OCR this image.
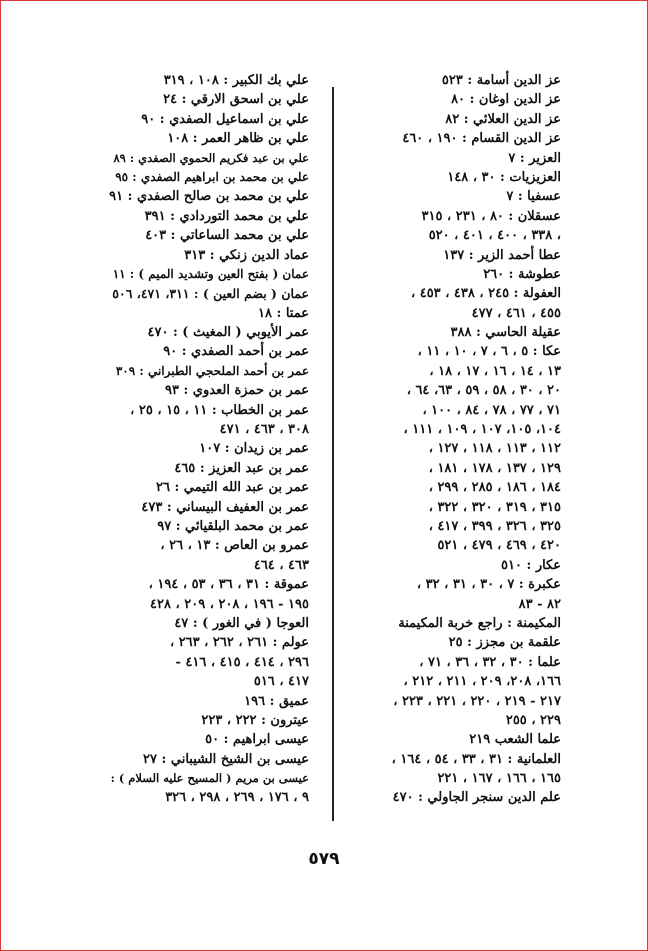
عز الدين أسامة : ٥٢٣
عز الدين اوغان : ٨٠
عز الدين العلائي : ٨٢
عز الدين القسام : ١٩٠ ، ٤٦٠
العزير : ٧
العزيزيات : ٣٠ ، ١٤٨
عسفيا : ٧
عسقلان : ٨٠ ، ٢٣١ ، ٣١٥
، ٣٣٨ ، ٤٠٠ ، ٤٠١ ، ٥٢٠
عطا أحمد الزير : ١٣٧
عطوشة : ٢٦٠
العفولة : ٢٤٥ ، ٤٣٨ ، ٤٥٣ ،
٤٥٥ ، ٤٦١ ، ٤٧٧
عقيلة الحاسي : ٣٨٨
عكا : ٥ ، ٦ ، ٧ ، ١٠ ، ١١ ،
١٣ ، ١٤ ، ١٦ ، ١٧ ، ١٨ ،
٢٠ ، ٣٠ ، ٥٨ ، ٥٩ ، ٦٣، ٦٤ ،
٧١ ، ٧٧ ، ٧٨ ، ٨٤ ، ١٠٠ ،
١٠٤، ١٠٥، ١٠٧ ، ١٠٩ ، ١١١ ،
١١٢ ، ١١٣ ، ١١٨ ، ١٢٧ ،
١٢٩ ، ١٣٧ ، ١٧٨ ، ١٨١ ،
١٨٤ ، ١٨٦ ، ٢٨٥ ، ٢٩٩ ،
٣١٥ ، ٣١٩ ، ٣٢٠ ، ٣٢٢ ،
٣٢٥ ، ٣٢٦ ، ٣٩٩ ، ٤١٧ ،
٤٢٠ ، ٤٦٩ ، ٤٧٩ ، ٥٢١
عكار : ٥١٠
عكبرة : ٧ ، ٣٠ ، ٣١ ، ٣٢ ،
٨٢ - ٨٣
المكيمنة : راجع خربة المكيمنة
علقمة بن مجزز : ٢٥
علما : ٣٠ ، ٣٢ ، ٣٦ ، ٧١ ،
١٦٦، ٢٠٨، ٢٠٩ ، ٢١١ ، ٢١٢ ،
٢١٧ - ٢١٩ ، ٢٢٠ ، ٢٢١ ، ٢٢٣ ،
٢٢٩ ، ٢٥٥
علما الشعب ٢١٩
العلمانية : ٣١ ، ٣٣ ، ٥٤ ، ١٦٤ ،
١٦٥ ، ١٦٦ ، ١٦٧ ، ٢٢١
علم الدين سنجر الجاولي : ٤٧٠
علي بك الكبير : ١٠٨ ، ٣١٩
علي بن اسحق الارقي : ٢٤
علي بن اسماعيل الصفدي : ٩٠
علي بن ظاهر العمر : ١٠٨
علي بن عبد فكريم الحموي الصفدي : ٨٩
علي بن محمد بن ابراهيم الصفدي : ٩٥
علي بن محمد بن صالح الصفدي : ٩١
علي بن محمد التوردادي : ٣٩١
علي بن محمد الساعاتي : ٤٠٣
عماد الدين زنكي : ٣١٣
عمان ( بفتح العين وتشديد الميم ) : ١١
عمان ( بضم العين ) : ٣١١، ٤٧١، ٥٠٦
عمتا : ١٨
عمر الأيوبي ( المغيث ) : ٤٧٠
عمر بن أحمد الصفدي : ٩٠
عمر بن أحمد الملحجي الطبراني : ٣٠٩
عمر بن حمزة العدوي : ٩٣
عمر بن الخطاب : ١١ ، ١٥ ، ٢٥ ،
٣٠٨ ، ٤٦٣ ، ٤٧١
عمر بن زيدان : ١٠٧
عمر بن عبد العزيز : ٤٦٥
عمر بن عبد الله التيمي : ٢٦
عمر بن العفيف البيساني : ٤٧٣
عمر بن محمد البلقيائي : ٩٧
عمرو بن العاص : ١٣ ، ٢٦ ،
٤٦٣ ، ٤٦٤
عموقة : ٣١ ، ٣٦ ، ٥٣ ، ١٩٤ ،
١٩٥ - ١٩٦ ، ٢٠٨ ، ٢٠٩ ، ٤٢٨
العوجا ( في الغور ) : ٤٧
عولم : ٢٦١ ، ٢٦٢ ، ٢٦٣ ،
٢٩٦ ، ٤١٤ ، ٤١٥ ، ٤١٦ -
٤١٧ ، ٥١٦
عميق : ١٩٦
عيترون : ٢٢٢ ، ٢٢٣
عيسى ابراهيم : ٥٠
عيسى بن الشيخ الشيباني : ٢٧
عيسى بن مريم ( المسيح عليه السلام ) :
٩ ، ١٧٦ ، ٢٦٩ ، ٢٩٨ ، ٣٢٦
٥٧٩
